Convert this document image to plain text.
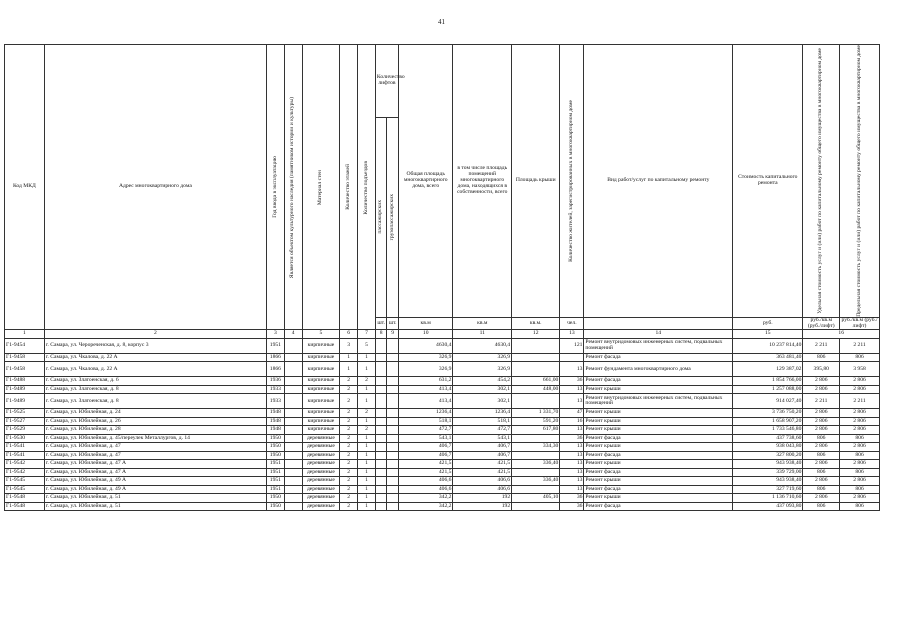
41
Код МКД	Адрес многоквартирного дома	Год ввода в эксплуатацию	Является объектом культурного наследия (памятником истории и культуры)	Материал стен	Количество этажей	Количество подъездов	Количество лифтов		Общая площадь многоквартирного дома, всего	в том числе площадь помещений многоквартирного дома, находящихся в собственности, всего	Площадь крыши	Количество жителей, зарегистрированных в многоквартирном доме	Вид работ/услуг по капитальному ремонту	Стоимость капитального ремонта	Удельная стоимость услуг и (или) работ по капитальному ремонту общего имущества в многоквартирном доме	Предельная стоимость услуг и (или) работ по капитальному ремонту общего имущества в многоквартирном доме

							пассажирских	грузопассажирских								

							шт.	шт.	кв.м	кв.м	кв.м.	чел.		руб.	руб./кв.м (руб./лифт)	руб./кв.м (руб./лифт)
1	2	3	4	5	6	7	8	9	10	11	12	13	14	15	16	
Г1-9454	г. Самара, ул. Черореченская, д. 8, корпус 3	1951		кирпичные	3	5			4630,4	4630,4		121	Ремонт внутридомовых инженерных систем, подвальных помещений	10 237 814,40	2 211	2 211
Г1-9458	г. Самара, ул. Чкалова, д. 22 А	1866		кирпичные	1	1			326,9	326,9			Ремонт фасада	363 481,40	806	806
Г1-9458	г. Самара, ул. Чкалова, д. 22 А	1866		кирпичные	1	1			326,9	326,9		13	Ремонт фундамента многоквартирного дома	129 387,02	395,80	3 958
Г1-9488	г. Самара, ул. Златоенская, д. 6	1936		кирпичные	2	2			631,2	454,2	661,00	36	Ремонт фасада	1 854 766,00	2 806	2 806
Г1-9489	г. Самара, ул. Златоенская, д. 8	1933		кирпичные	2	1			413,4	302,1	448,00	13	Ремонт крыши	1 257 088,00	2 806	2 806
Г1-9489	г. Самара, ул. Златоенская, д. 8	1933		кирпичные	2	1			413,4	302,1		13	Ремонт внутридомовых инженерных систем, подвальных помещений	914 027,40	2 211	2 211
Г1-9525	г. Самара, ул. Юбилейная, д. 24	1948		кирпичные	2	2			1236,4	1236,4	1 331,70	47	Ремонт крыши	3 736 750,20	2 806	2 806
Г1-9527	г. Самара, ул. Юбилейная, д. 26	1948		кирпичные	2	1			518,1	518,1	591,20	16	Ремонт крыши	1 658 907,20	2 806	2 806
Г1-9529	г. Самара, ул. Юбилейная, д. 28	1948		кирпичные	2	2			472,7	472,7	617,80	13	Ремонт крыши	1 733 546,80	2 806	2 806
Г1-9530	г. Самара, ул. Юбилейная, д. 45/переулек Металлургов, д. 14	1950		деревянные	2	1			543,1	543,1		36	Ремонт фасада	437 738,60	806	806
Г1-9541	г. Самара, ул. Юбилейная, д. 47	1950		деревянные	2	1			406,7	406,7	334,30	13	Ремонт крыши	938 043,80	2 806	2 806
Г1-9541	г. Самара, ул. Юбилейная, д. 47	1950		деревянные	2	1			406,7	406,7		13	Ремонт фасада	327 800,20	806	806
Г1-9542	г. Самара, ул. Юбилейная, д. 47 А	1951		деревянные	2	1			421,5	421,5	336,40	13	Ремонт крыши	943 938,40	2 806	2 806
Г1-9542	г. Самара, ул. Юбилейная, д. 47 А	1951		деревянные	2	1			421,5	421,5		13	Ремонт фасада	339 729,00	806	806
Г1-9545	г. Самара, ул. Юбилейная, д. 49 А	1951		деревянные	2	1			406,6	406,6	336,40	13	Ремонт крыши	943 938,40	2 806	2 806
Г1-9545	г. Самара, ул. Юбилейная, д. 49 А	1951		деревянные	2	1			406,6	406,6		13	Ремонт фасада	327 719,60	806	806
Г1-9548	г. Самара, ул. Юбилейная, д. 51	1950		деревянные	2	1			342,2	192	405,10	36	Ремонт крыши	1 136 710,60	2 806	2 806
Г1-9548	г. Самара, ул. Юбилейная, д. 51	1950		деревянные	2	1			342,2	192		36	Ремонт фасада	437 093,80	806	806
